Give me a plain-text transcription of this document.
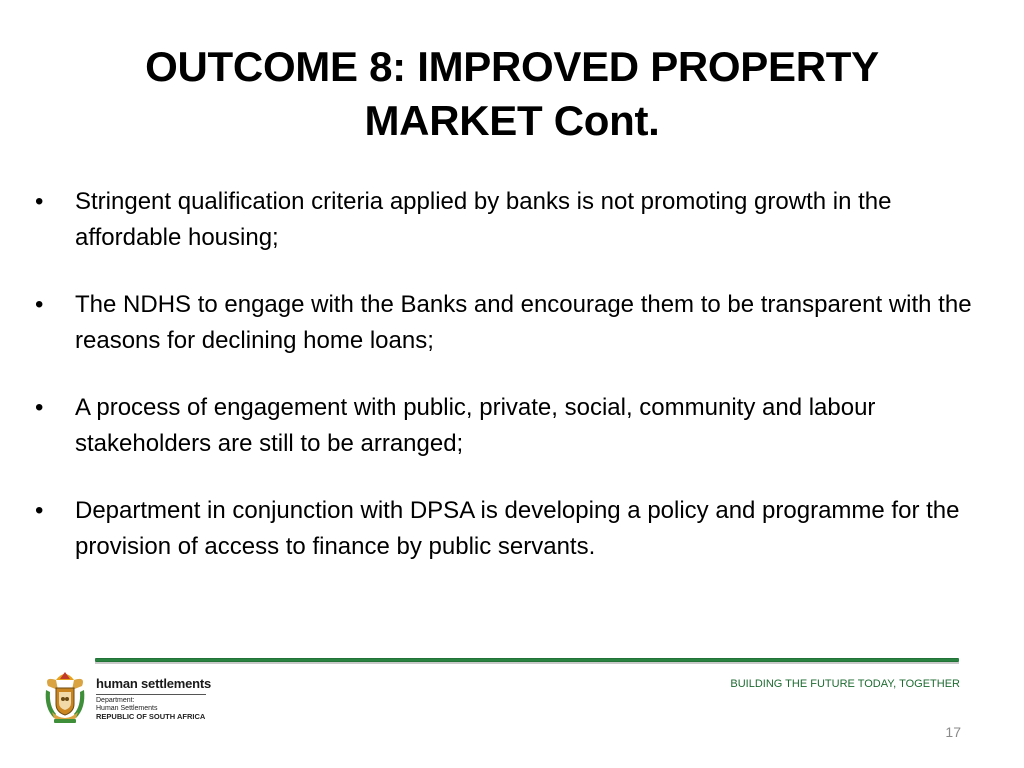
OUTCOME 8: IMPROVED PROPERTY
MARKET Cont.
•	Stringent qualification criteria applied by banks is not promoting growth in the affordable housing;
•	The NDHS to engage with the Banks and encourage them to be transparent with the reasons for declining home loans;
•	A process of engagement with public, private, social, community and labour stakeholders are still to be arranged;
•	Department in conjunction with DPSA is developing a policy and programme for the provision of access to finance by public servants.
human settlements
Department:
Human Settlements
REPUBLIC OF SOUTH AFRICA
BUILDING THE FUTURE TODAY, TOGETHER
17
